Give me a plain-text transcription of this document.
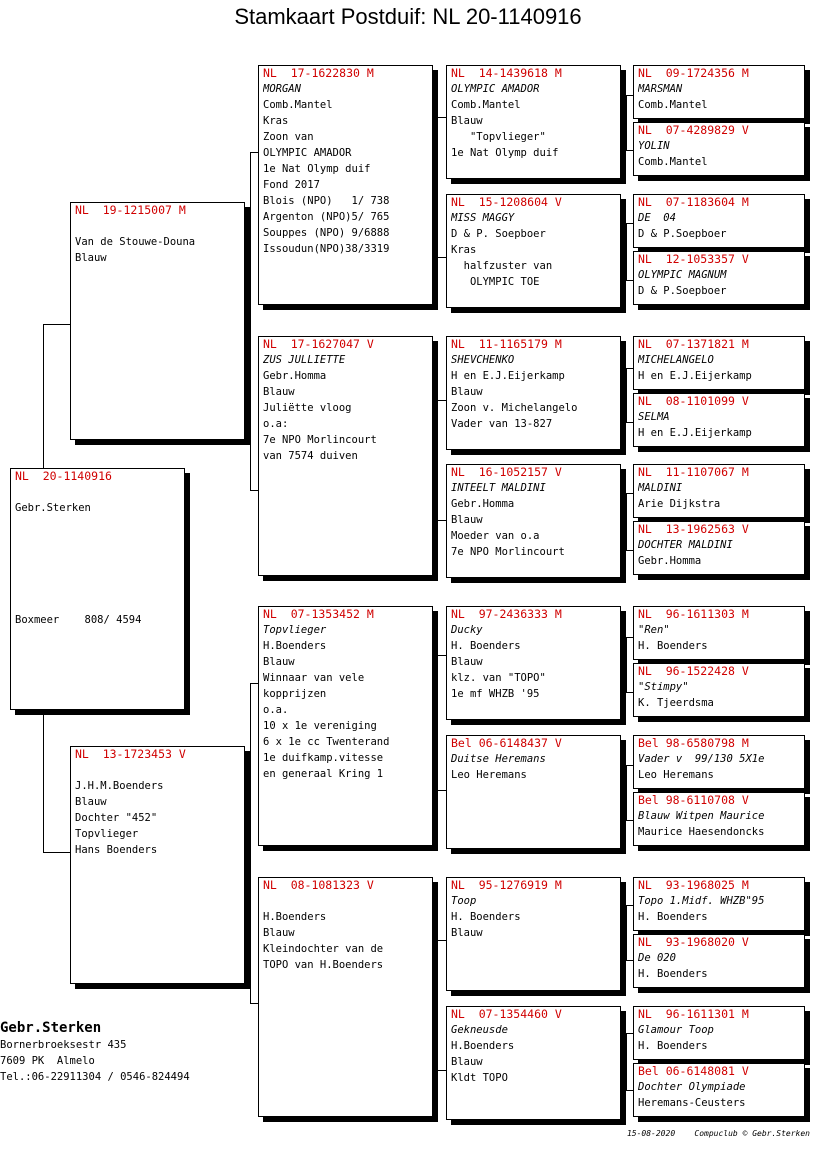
Stamkaart Postduif: NL 20-1140916
NL  20-1140916
Gebr.Sterken
Boxmeer    808/ 4594
NL  19-1215007 M
Van de Stouwe-Douna
Blauw
NL  13-1723453 V
J.H.M.Boenders
Blauw
Dochter "452"
Topvlieger
Hans Boenders
NL  17-1622830 M
MORGAN
Comb.Mantel
Kras
Zoon van
OLYMPIC AMADOR
1e Nat Olymp duif
Fond 2017
Blois (NPO)   1/ 738
Argenton (NPO)5/ 765
Souppes (NPO) 9/6888
Issoudun(NPO)38/3319
NL  17-1627047 V
ZUS JULLIETTE
Gebr.Homma
Blauw
Juliëtte vloog
o.a:
7e NPO Morlincourt
van 7574 duiven
NL  07-1353452 M
Topvlieger
H.Boenders
Blauw
Winnaar van vele
kopprijzen
o.a.
10 x 1e vereniging
6 x 1e cc Twenterand
1e duifkamp.vitesse
en generaal Kring 1
NL  08-1081323 V
H.Boenders
Blauw
Kleindochter van de
TOPO van H.Boenders
NL  14-1439618 M
OLYMPIC AMADOR
Comb.Mantel
Blauw
"Topvlieger"
1e Nat Olymp duif
NL  15-1208604 V
MISS MAGGY
D & P. Soepboer
Kras
halfzuster van
OLYMPIC TOE
NL  11-1165179 M
SHEVCHENKO
H en E.J.Eijerkamp
Blauw
Zoon v. Michelangelo
Vader van 13-827
NL  16-1052157 V
INTEELT MALDINI
Gebr.Homma
Blauw
Moeder van o.a
7e NPO Morlincourt
NL  97-2436333 M
Ducky
H. Boenders
Blauw
klz. van "TOPO"
1e mf WHZB '95
Bel 06-6148437 V
Duitse Heremans
Leo Heremans
NL  95-1276919 M
Toop
H. Boenders
Blauw
NL  07-1354460 V
Gekneusde
H.Boenders
Blauw
Kldt TOPO
NL  09-1724356 M
MARSMAN
Comb.Mantel
NL  07-4289829 V
YOLIN
Comb.Mantel
NL  07-1183604 M
DE  04
D & P.Soepboer
NL  12-1053357 V
OLYMPIC MAGNUM
D & P.Soepboer
NL  07-1371821 M
MICHELANGELO
H en E.J.Eijerkamp
NL  08-1101099 V
SELMA
H en E.J.Eijerkamp
NL  11-1107067 M
MALDINI
Arie Dijkstra
NL  13-1962563 V
DOCHTER MALDINI
Gebr.Homma
NL  96-1611303 M
"Ren"
H. Boenders
NL  96-1522428 V
"Stimpy"
K. Tjeerdsma
Bel 98-6580798 M
Vader v  99/130 5X1e
Leo Heremans
Bel 98-6110708 V
Blauw Witpen Maurice
Maurice Haesendoncks
NL  93-1968025 M
Topo 1.Midf. WHZB"95
H. Boenders
NL  93-1968020 V
De 020
H. Boenders
NL  96-1611301 M
Glamour Toop
H. Boenders
Bel 06-6148081 V
Dochter Olympiade
Heremans-Ceusters
Gebr.Sterken
Bornerbroeksestr 435
7609 PK  Almelo
Tel.:06-22911304 / 0546-824494
15-08-2020    Compuclub © Gebr.Sterken
